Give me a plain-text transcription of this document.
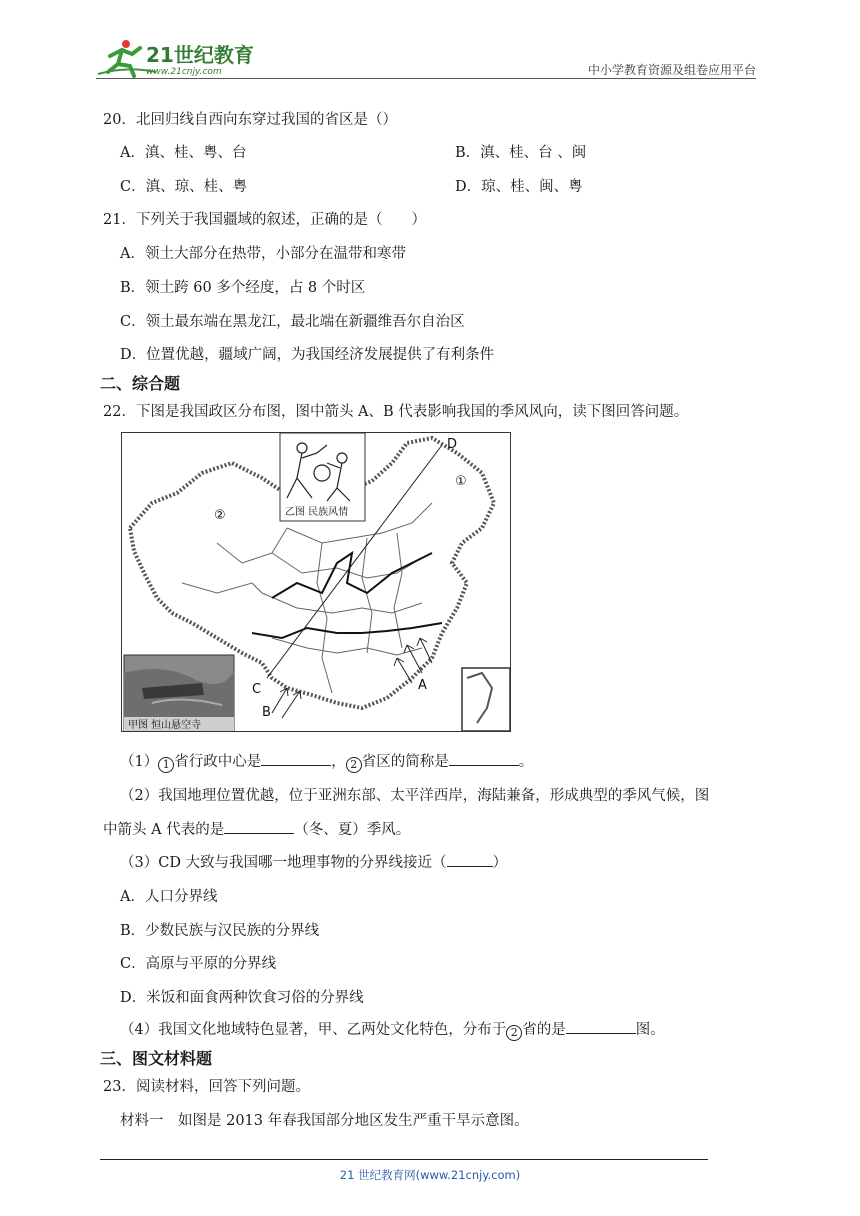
21世纪教育
www.21cnjy.com	中小学教育资源及组卷应用平台
20．北回归线自西向东穿过我国的省区是（）
A．滇、桂、粤、台	B．滇、桂、台 、闽
C．滇、琼、桂、粤	D．琼、桂、闽、粤
21．下列关于我国疆域的叙述，正确的是（　　）
A．领土大部分在热带，小部分在温带和寒带
B．领土跨 60 多个经度，占 8 个时区
C．领土最东端在黑龙江，最北端在新疆维吾尔自治区
D．位置优越，疆域广阔，为我国经济发展提供了有利条件
二、综合题
22．下图是我国政区分布图，图中箭头 A、B 代表影响我国的季风风向，读下图回答问题。
D
C
B
A
①
②	乙图 民族风情
甲图 恒山悬空寺
（1） 1 省行政中心是	， 2 省区的简称是	。
（2）我国地理位置优越，位于亚洲东部、太平洋西岸，海陆兼备，形成典型的季风气候，图
中箭头 A 代表的是	（冬、夏）季风。
（3）CD 大致与我国哪一地理事物的分界线接近（	）
A．人口分界线
B．少数民族与汉民族的分界线
C．高原与平原的分界线
D．米饭和面食两种饮食习俗的分界线
（4）我国文化地域特色显著，甲、乙两处文化特色，分布于 2 省的是	图。
三、图文材料题
23．阅读材料，回答下列问题。
材料一　如图是 2013 年春我国部分地区发生严重干旱示意图。
21 世纪教育网(www.21cnjy.com)
